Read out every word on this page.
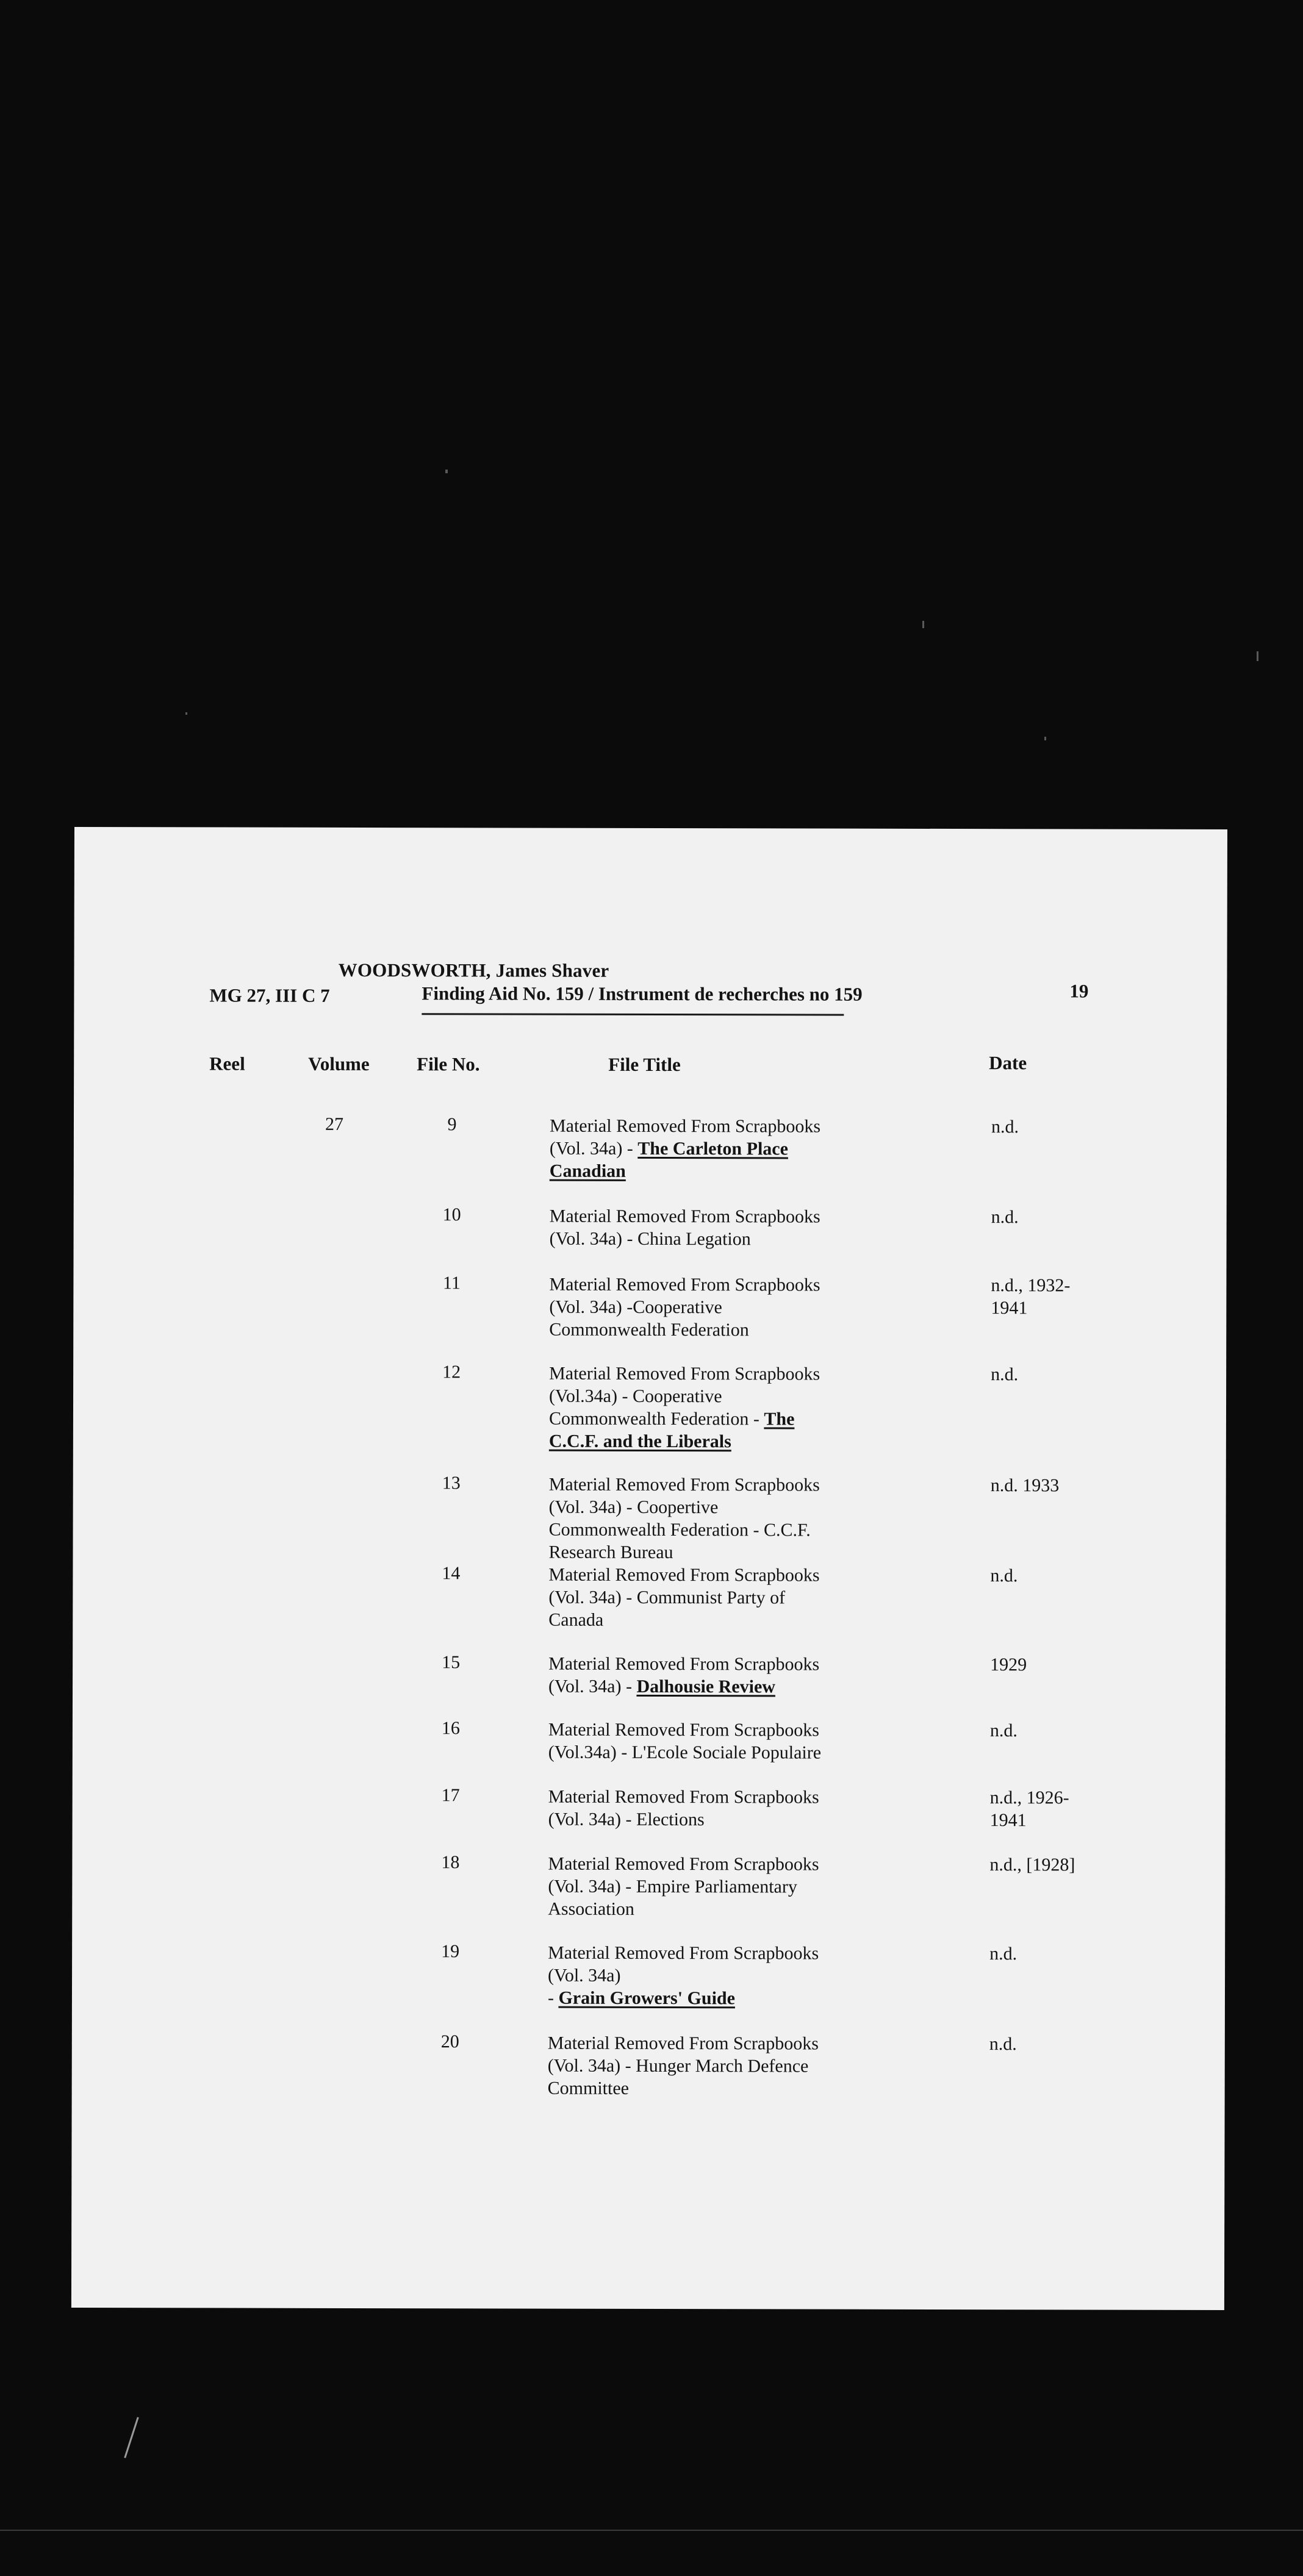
WOODSWORTH, James Shaver
MG 27, III C 7	Finding Aid No. 159 / Instrument de recherches no 159	19
Reel	Volume File No.	File Title	Date
27	9	Material Removed From Scrapbooks
(Vol. 34a) - The Carleton Place
Canadian
n.d.
10	Material Removed From Scrapbooks
(Vol. 34a) - China Legation
n.d.
11	Material Removed From Scrapbooks
(Vol. 34a) -Cooperative
Commonwealth Federation
n.d., 1932-
1941
12	Material Removed From Scrapbooks
(Vol.34a) - Cooperative
Commonwealth Federation - The
C.C.F. and the Liberals
n.d.
13	Material Removed From Scrapbooks
(Vol. 34a) - Coopertive
Commonwealth Federation - C.C.F.
Research Bureau
n.d. 1933
14	Material Removed From Scrapbooks
(Vol. 34a) - Communist Party of
Canada
n.d.
15	Material Removed From Scrapbooks
(Vol. 34a) - Dalhousie Review
1929
16	Material Removed From Scrapbooks
(Vol.34a) - L'Ecole Sociale Populaire
n.d.
17	Material Removed From Scrapbooks
(Vol. 34a) - Elections
n.d., 1926-
1941
18	Material Removed From Scrapbooks
(Vol. 34a) - Empire Parliamentary
Association
n.d., [1928]
19	Material Removed From Scrapbooks
(Vol. 34a)
- Grain Growers' Guide
n.d.
20	Material Removed From Scrapbooks
(Vol. 34a) - Hunger March Defence
Committee
n.d.
